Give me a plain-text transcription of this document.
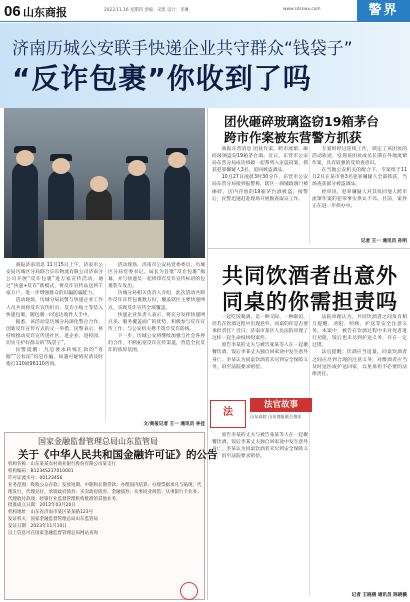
06 山东商报	2023.11.16 星期四 责编：宋凯 设计：李琳	www.sdsswx.com	警界
济南历城公安联手快递企业共守群众“钱袋子”
“反诈包裹”你收到了吗

商报济南消息 11月15日上午，济南市公安局历城区分局联合京东物流有限公司济南分公司开展“反诈包裹”进万家宣传活动，通过“快递+反诈”新模式，将反诈宣传品送到千家万户，进一步增强群众的识骗防骗能力。

活动现场，历城分局民警与快递企业工作人员共同将反诈宣传折页、反诈小贴士等装入快递包裹，随包裹一同送达收件人手中。

据悉，该活动是历城分局深化警企合作、创新反诈宣传方式的又一举措。民警表示，将持续推动反诈宣传进社区、进企业、进校园，切实守护好群众的“钱袋子”。

民警提醒：凡是要求转账汇款的“客服”“公检法”均是诈骗，如遇可疑情况请及时拨打110或96110咨询。

活动现场，济南市公安局党委委员、历城区分局党委书记、局长为首批“反诈包裹”揭幕，并与快递员一起将印有反诈宣传标语的包裹装车发出。

历城分局相关负责人介绍，此次活动共制作反诈宣传包裹数万份，覆盖辖区主要快递网点，实现反诈宣传全域覆盖。

快递企业负责人表示，将充分发挥快递网点多、服务覆盖面广的优势，积极参与反诈宣传工作，与公安机关携手筑牢反诈防线。

下一步，历城公安将继续加强与社会各界的合作，不断拓宽反诈宣传渠道，营造全民反诈的浓厚氛围。

文/商报记者 王一 通讯员 李佳
团伙砸碎玻璃盗窃19箱茅台
跨市作案被东营警方抓获

商报东营消息 团伙作案，跨市流窜，砸碎玻璃盗窃19箱茅台酒。近日，东营市公安局东营分局成功侦破一起系列入室盗窃案，抓获犯罪嫌疑人3名，追回被盗酒品。

10月27日凌晨3时30分许，东营市公安局东营分局接到报警称，辖区一商铺玻璃门被砸碎，店内存放的19箱茅台酒被盗。接警后，民警迅速赶赴现场开展勘查取证工作。

专案组经过连续工作，锁定了该团伙的活动轨迹，发现该团伙成员长期在外地流窜作案，具有较强的反侦查意识。

在当地公安机关的配合下，专案组于11月2日在某市将3名犯罪嫌疑人全部抓获，当场查获部分被盗酒品。

经审讯，犯罪嫌疑人对其伙同他人跨市流窜作案的犯罪事实供认不讳。目前，案件正在进一步侦办中。

记者 王一 通讯员 孙明
共同饮酒者出意外
同桌的你需担责吗

一起吃饭喝酒，是一种交际、一种联谊，但若在饮酒过程中出现意外，同桌的你是否要承担责任？近日，济南市某区人民法院审理了这样一起生命权纠纷案件。

原告李某的丈夫与被告张某等人在一起聚餐饮酒，饭后李某丈夫独自回家途中发生意外身亡。李某认为同桌饮酒者未尽到安全保障义务，诉至法院要求赔偿。

法院审理认为，共同饮酒者之间负有相互提醒、劝阻、照顾、护送等安全注意义务。本案中，被告在饮酒过程中未对死者进行劝阻，饭后也未尽到护送义务，存在一定过错。

法官提醒：饮酒应当适量，同桌饮酒者之间应尽到合理的注意义务，对醉酒者应当及时送医或护送回家，以免承担不必要的法律责任。

法
法官故事
山东高院 山东商报联合推出

原告李某的丈夫与被告张某等人在一起聚餐饮酒，饭后李某丈夫独自回家途中发生意外身亡。李某认为同桌饮酒者未尽到安全保障义务，诉至法院要求赔偿。

记者 王晓倩 通讯员 陈晓薇
国家金融监督管理总局山东监管局
关于《中华人民共和国金融许可证》的公告
机构名称：山东某某农村商业银行股份有限公司某支行
机构编码：B1234S237010001
许可证流水号：00123456
业务范围：吸收公众存款；发放短期、中期和长期贷款；办理国内结算；办理票据承兑与贴现；代理发行、代理兑付、承销政府债券；买卖政府债券、金融债券；从事同业拆借；从事银行卡业务；代理收付款项；经银行业监督管理机构批准的其他业务。
批准成立日期：2012年03月20日
机构地址：山东省济南市某区某某路123号
发证机关：国家金融监督管理总局山东监管局
发证日期：2023年11月10日
以上信息可在国家金融监督管理总局网站查询
